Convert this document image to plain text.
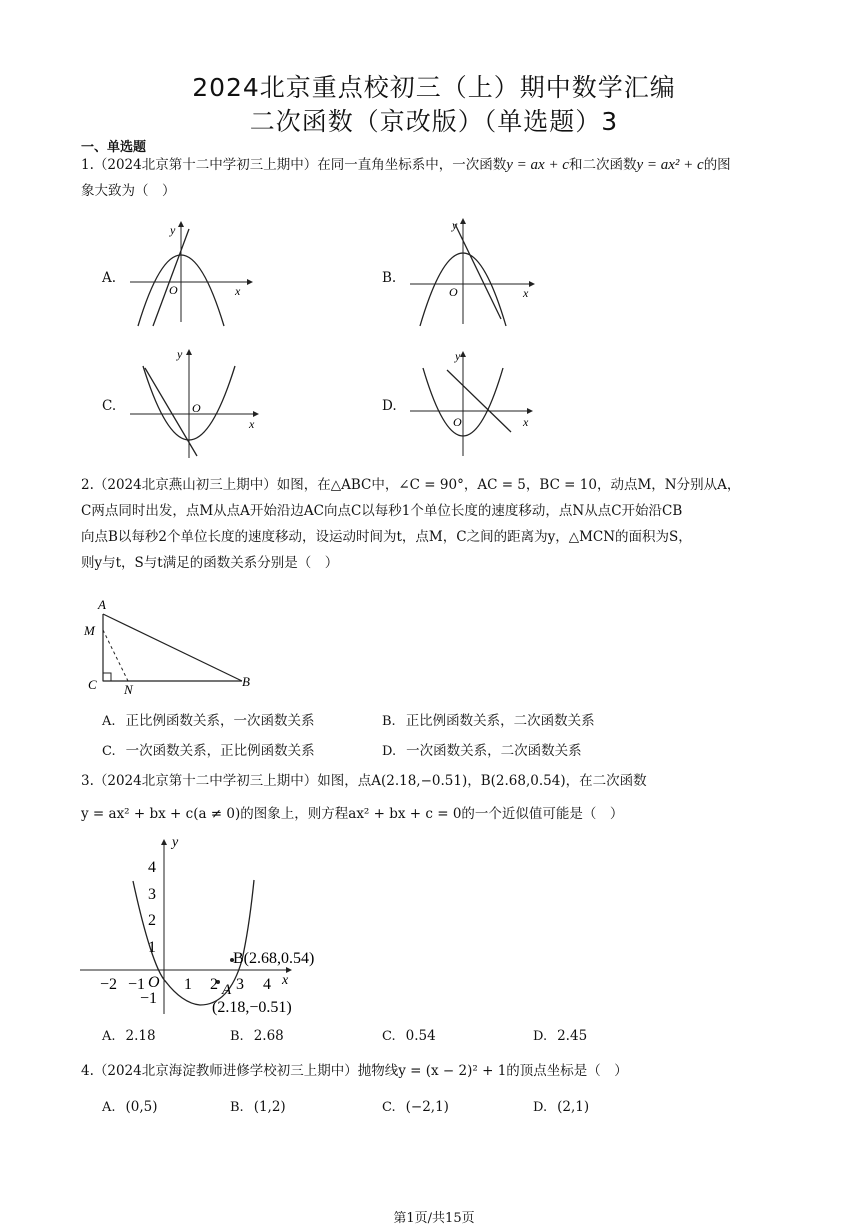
2024北京重点校初三（上）期中数学汇编
二次函数（京改版）（单选题）3
一、单选题
1.（2024北京第十二中学初三上期中）在同一直角坐标系中，一次函数y = ax + c和二次函数y = ax² + c的图
象大致为（　）
A.
y
O	x
B.
y
O	x
C.
y
O
x
D.
y
O	x
2.（2024北京燕山初三上期中）如图，在△ABC中，∠C = 90°，AC = 5，BC = 10，动点M，N分别从A，
C两点同时出发，点M从点A开始沿边AC向点C以每秒1个单位长度的速度移动，点N从点C开始沿CB
向点B以每秒2个单位长度的速度移动，设运动时间为t，点M，C之间的距离为y，△MCN的面积为S，
则y与t，S与t满足的函数关系分别是（　）
A
M
C N
B
A. 正比例函数关系，一次函数关系	B. 正比例函数关系，二次函数关系
C. 一次函数关系，正比例函数关系	D. 一次函数关系，二次函数关系
3.（2024北京第十二中学初三上期中）如图，点A(2.18,−0.51)，B(2.68,0.54)，在二次函数
y = ax² + bx + c(a ≠ 0)的图象上，则方程ax² + bx + c = 0的一个近似值可能是（　）
y
4
3
2
1
−1
−2 −1 O 1 2 3 4 x
B(2.68,0.54)
A
(2.18,−0.51)
A. 2.18	B. 2.68	C. 0.54	D. 2.45
4.（2024北京海淀教师进修学校初三上期中）抛物线y = (x − 2)² + 1的顶点坐标是（　）
A. (0,5)	B. (1,2)	C. (−2,1)	D. (2,1)
第1页/共15页
